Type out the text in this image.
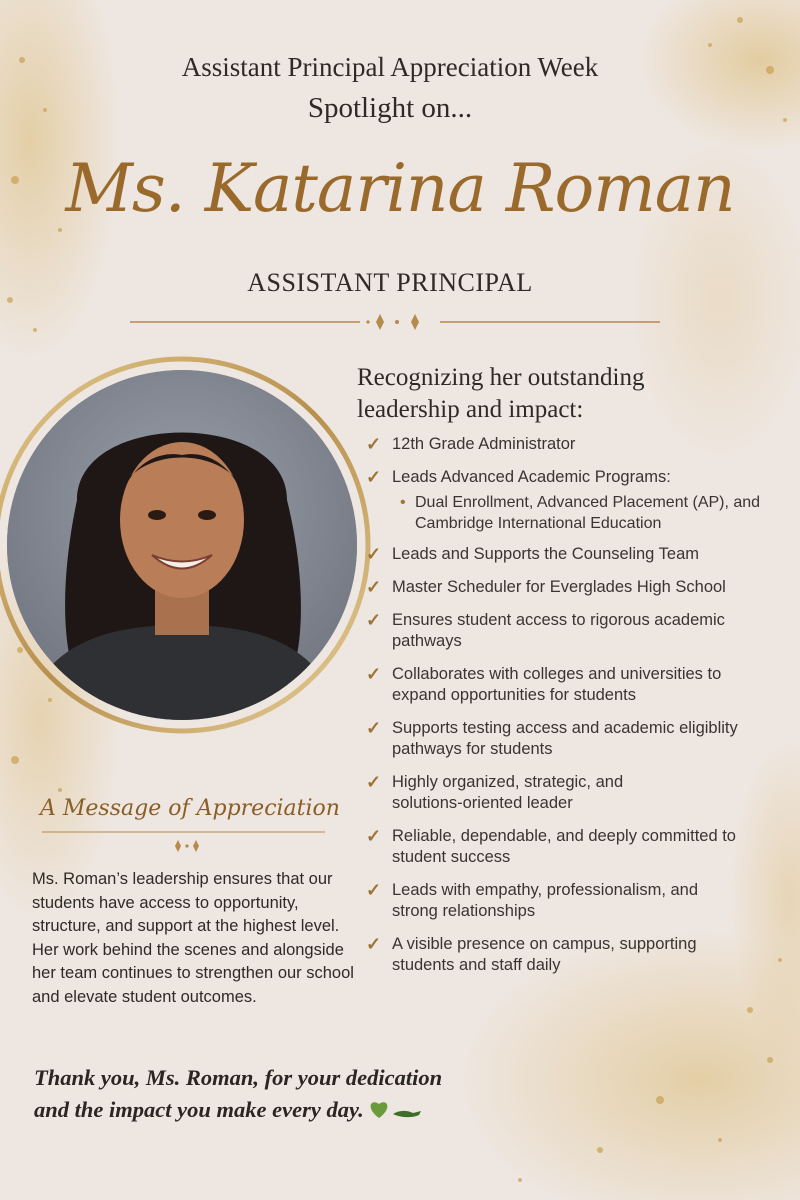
Assistant Principal Appreciation Week
Spotlight on...
Ms. Katarina Roman
ASSISTANT PRINCIPAL
Recognizing her outstanding
leadership and impact:
✓ 12th Grade Administrator
✓ Leads Advanced Academic Programs:
• Dual Enrollment, Advanced Placement (AP), and Cambridge International Education
✓ Leads and Supports the Counseling Team
✓ Master Scheduler for Everglades High School
✓ Ensures student access to rigorous academic pathways
✓ Collaborates with colleges and universities to expand opportunities for students
✓ Supports testing access and academic eligiblity pathways for students
✓ Highly organized, strategic, and solutions-oriented leader
✓ Reliable, dependable, and deeply committed to student success
✓ Leads with empathy, professionalism, and strong relationships
✓ A visible presence on campus, supporting students and staff daily
A Message of Appreciation
Ms. Roman’s leadership ensures that our students have access to opportunity, structure, and support at the highest level. Her work behind the scenes and alongside her team continues to strengthen our school and elevate student outcomes.
Thank you, Ms. Roman, for your dedication
and the impact you make every day.
